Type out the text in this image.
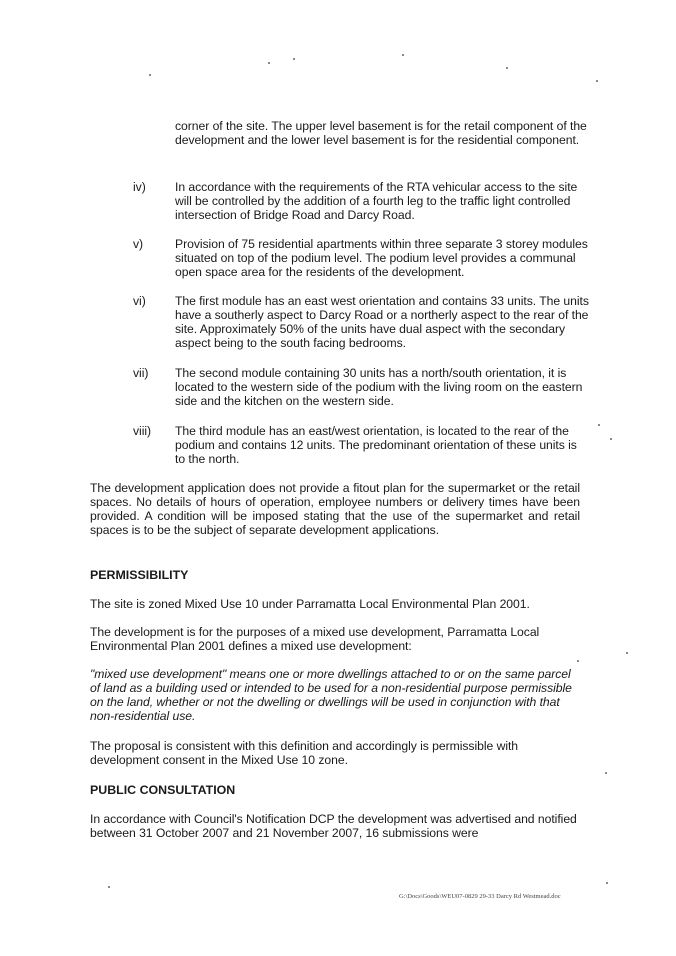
corner of the site. The upper level basement is for the retail component of the development and the lower level basement is for the residential component.
iv) In accordance with the requirements of the RTA vehicular access to the site will be controlled by the addition of a fourth leg to the traffic light controlled intersection of Bridge Road and Darcy Road.
v)	Provision of 75 residential apartments within three separate 3 storey modules situated on top of the podium level. The podium level provides a communal open space area for the residents of the development.
vi) The first module has an east west orientation and contains 33 units. The units have a southerly aspect to Darcy Road or a northerly aspect to the rear of the site. Approximately 50% of the units have dual aspect with the secondary aspect being to the south facing bedrooms.
vii) The second module containing 30 units has a north/south orientation, it is located to the western side of the podium with the living room on the eastern side and the kitchen on the western side.
viii) The third module has an east/west orientation, is located to the rear of the podium and contains 12 units. The predominant orientation of these units is to the north.
The development application does not provide a fitout plan for the supermarket or the retail spaces. No details of hours of operation, employee numbers or delivery times have been provided. A condition will be imposed stating that the use of the supermarket and retail spaces is to be the subject of separate development applications.
PERMISSIBILITY
The site is zoned Mixed Use 10 under Parramatta Local Environmental Plan 2001.
The development is for the purposes of a mixed use development, Parramatta Local Environmental Plan 2001 defines a mixed use development:
"mixed use development" means one or more dwellings attached to or on the same parcel of land as a building used or intended to be used for a non-residential purpose permissible on the land, whether or not the dwelling or dwellings will be used in conjunction with that non-residential use.
The proposal is consistent with this definition and accordingly is permissible with development consent in the Mixed Use 10 zone.
PUBLIC CONSULTATION
In accordance with Council's Notification DCP the development was advertised and notified between 31 October 2007 and 21 November 2007, 16 submissions were
G:\Docs\Goods\WEU07-0829 29-33 Darcy Rd Westmead.doc
